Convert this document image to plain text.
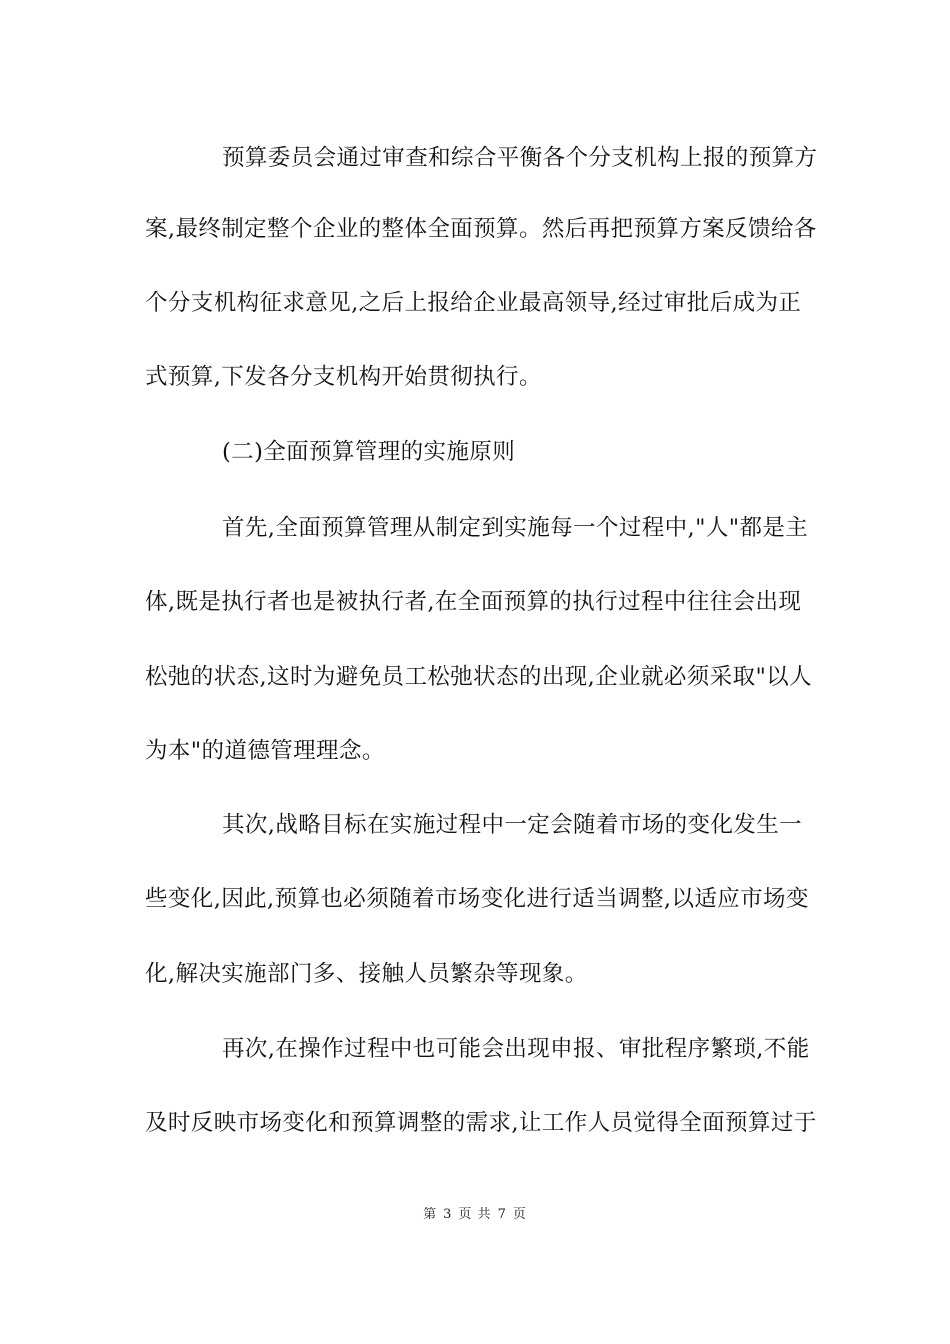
预算委员会通过审查和综合平衡各个分支机构上报的预算方
案,最终制定整个企业的整体全面预算。然后再把预算方案反馈给各
个分支机构征求意见,之后上报给企业最高领导,经过审批后成为正
式预算,下发各分支机构开始贯彻执行。
(二)全面预算管理的实施原则
首先,全面预算管理从制定到实施每一个过程中,"人"都是主
体,既是执行者也是被执行者,在全面预算的执行过程中往往会出现
松弛的状态,这时为避免员工松弛状态的出现,企业就必须采取"以人
为本"的道德管理理念。
其次,战略目标在实施过程中一定会随着市场的变化发生一
些变化,因此,预算也必须随着市场变化进行适当调整,以适应市场变
化,解决实施部门多、接触人员繁杂等现象。
再次,在操作过程中也可能会出现申报、审批程序繁琐,不能
及时反映市场变化和预算调整的需求,让工作人员觉得全面预算过于
第 3 页 共 7 页
